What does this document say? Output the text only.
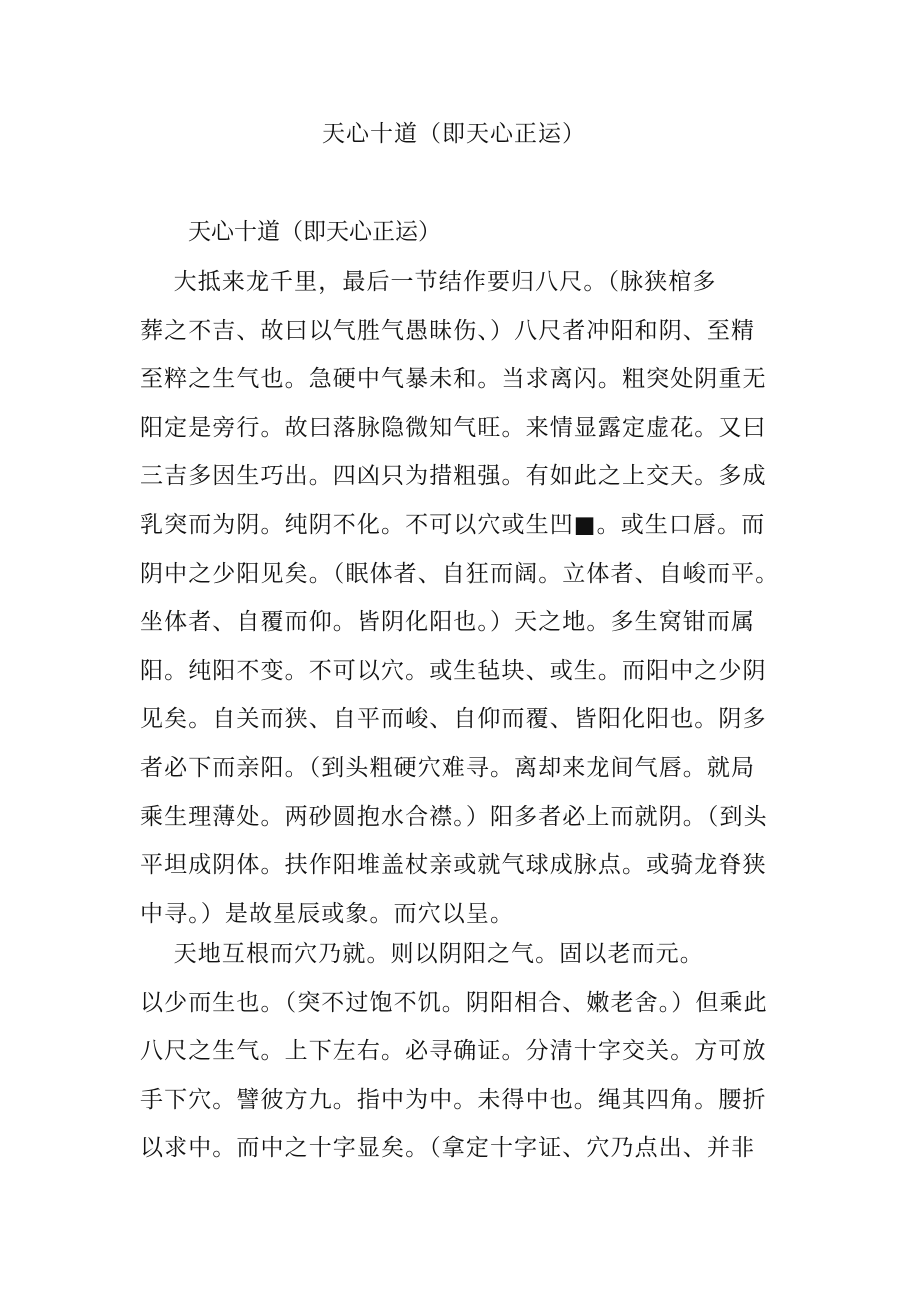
天心十道（即天心正运）

天心十道（即天心正运）

大抵来龙千里，最后一节结作要归八尺。（脉狭棺多
葬之不吉、故曰以气胜气愚昧伤、）八尺者冲阳和阴、至精
至粹之生气也。急硬中气暴未和。当求离闪。粗突处阴重无
阳定是旁行。故曰落脉隐微知气旺。来情显露定虚花。又曰
三吉多因生巧出。四凶只为措粗强。有如此之上交天。多成
乳突而为阴。纯阴不化。不可以穴或生凹■。或生口唇。而
阴中之少阳见矣。（眠体者、自狂而阔。立体者、自峻而平。
坐体者、自覆而仰。皆阴化阳也。）天之地。多生窝钳而属
阳。纯阳不变。不可以穴。或生毡块、或生。而阳中之少阴
见矣。自关而狭、自平而峻、自仰而覆、皆阳化阳也。阴多
者必下而亲阳。（到头粗硬穴难寻。离却来龙间气唇。就局
乘生理薄处。两砂圆抱水合襟。）阳多者必上而就阴。（到头
平坦成阴体。扶作阳堆盖杖亲或就气球成脉点。或骑龙脊狭
中寻。）是故星辰或象。而穴以呈。

天地互根而穴乃就。则以阴阳之气。固以老而元。
以少而生也。（突不过饱不饥。阴阳相合、嫩老舍。）但乘此
八尺之生气。上下左右。必寻确证。分清十字交关。方可放
手下穴。譬彼方九。指中为中。未得中也。绳其四角。腰折
以求中。而中之十字显矣。（拿定十字证、穴乃点出、并非
